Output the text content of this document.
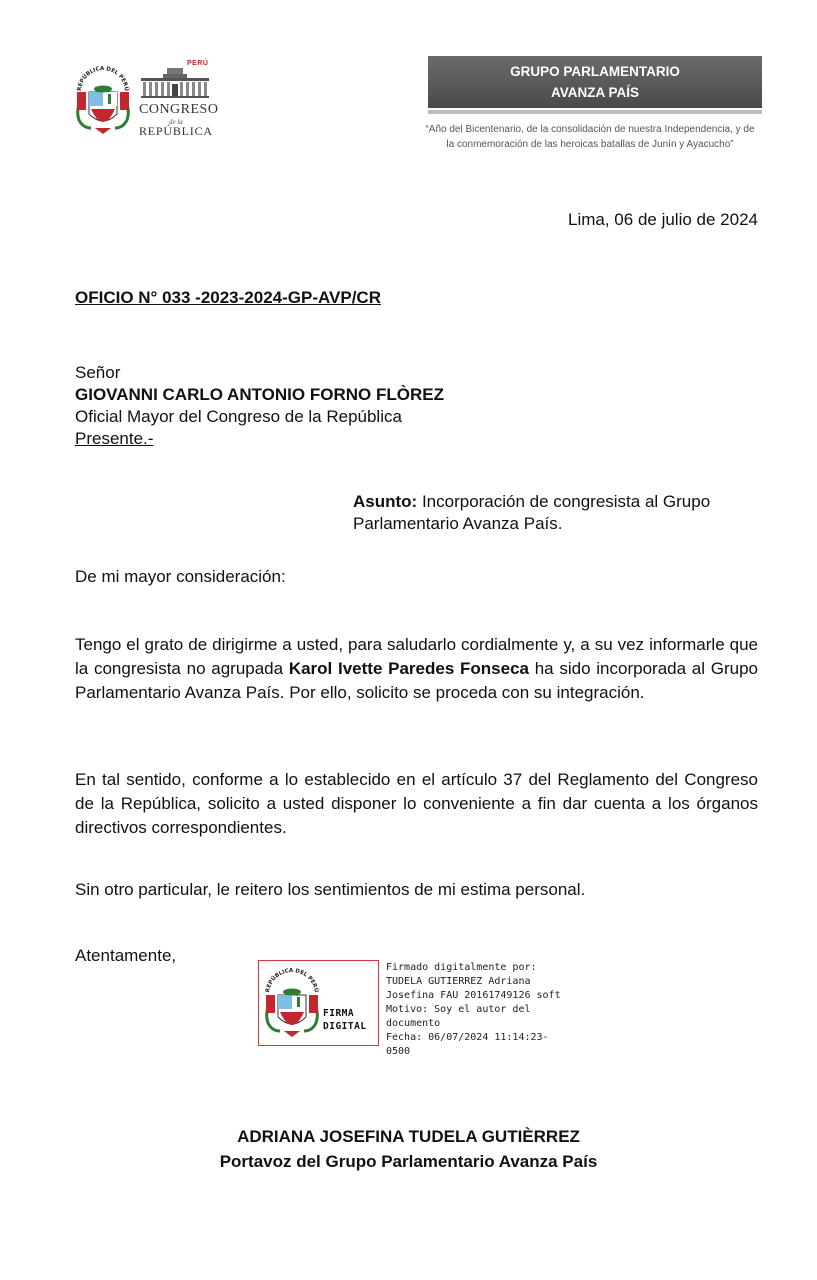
REPÚBLICA DEL PERÚ
PERÚ
CONGRESO
de la
REPÚBLICA
GRUPO PARLAMENTARIO
AVANZA PAÍS
“Año del Bicentenario, de la consolidación de nuestra Independencia, y de
la conmemoración de las heroicas batallas de Junín y Ayacucho”
Lima, 06 de julio de 2024
OFICIO N° 033 -2023-2024-GP-AVP/CR
Señor
GIOVANNI CARLO ANTONIO FORNO FLÒREZ
Oficial Mayor del Congreso de la República
Presente.-
Asunto: Incorporación de congresista al Grupo Parlamentario Avanza País.
De mi mayor consideración:
Tengo el grato de dirigirme a usted, para saludarlo cordialmente y, a su vez informarle que la congresista no agrupada Karol Ivette Paredes Fonseca ha sido incorporada al Grupo Parlamentario Avanza País. Por ello, solicito se proceda con su integración.
En tal sentido, conforme a lo establecido en el artículo 37 del Reglamento del Congreso de la República, solicito a usted disponer lo conveniente a fin dar cuenta a los órganos directivos correspondientes.
Sin otro particular, le reitero los sentimientos de mi estima personal.
Atentamente,
REPÚBLICA DEL PERÚ
FIRMA
DIGITAL
Firmado digitalmente por:
TUDELA GUTIERREZ Adriana
Josefina FAU 20161749126 soft
Motivo: Soy el autor del
documento
Fecha: 06/07/2024 11:14:23-0500
ADRIANA JOSEFINA TUDELA GUTIÈRREZ
Portavoz del Grupo Parlamentario Avanza País
